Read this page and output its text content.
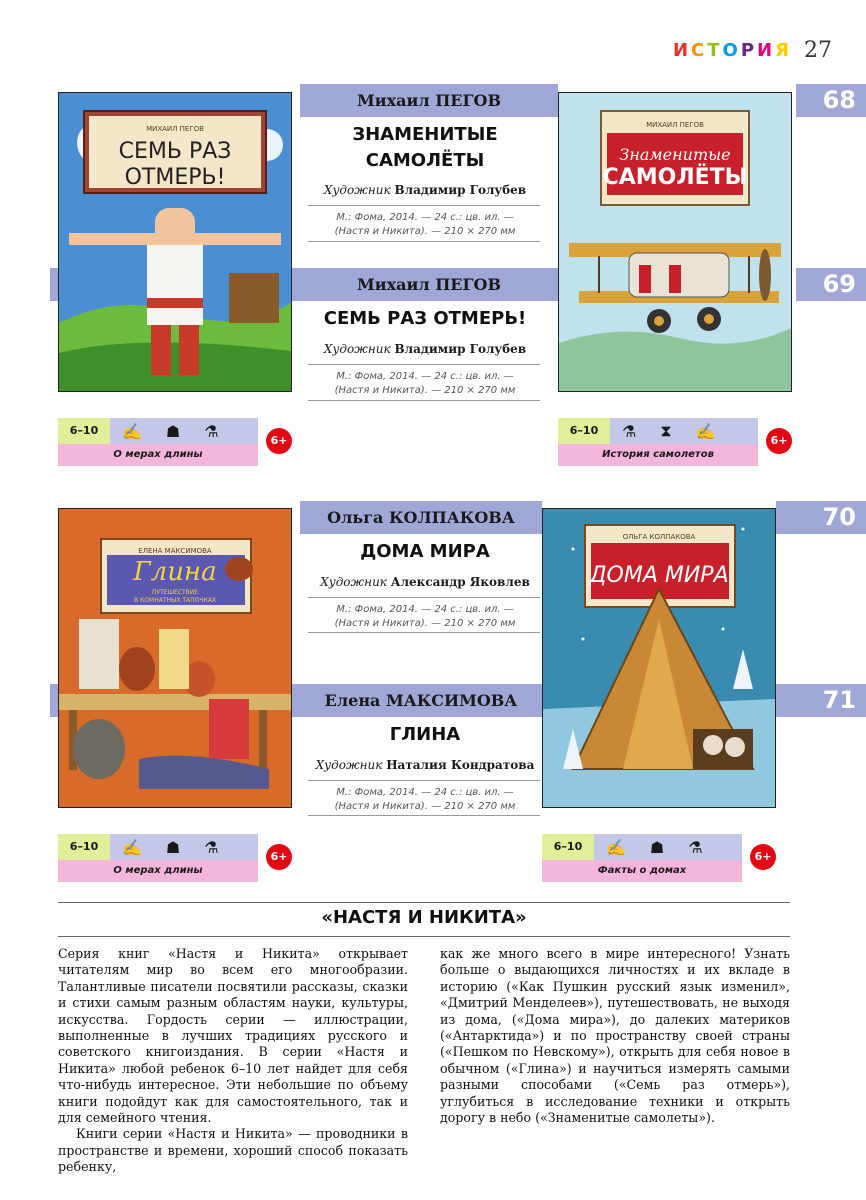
ИСТОРИЯ 27
Михаил ПЕГОВ	68
ЗНАМЕНИТЫЕ
САМОЛЁТЫ
Художник Владимир Голубев
М.: Фома, 2014. — 24 с.: цв. ил. —
(Настя и Никита). — 210 × 270 мм
Михаил ПЕГОВ	69
СЕМЬ РАЗ ОТМЕРЬ!
Художник Владимир Голубев
М.: Фома, 2014. — 24 с.: цв. ил. —
(Настя и Никита). — 210 × 270 мм
МИХАИЛ ПЕГОВ
СЕМЬ РАЗ
ОТМЕРЬ!
МИХАИЛ ПЕГОВ
Знаменитые
САМОЛЁТЫ
6–10	✍ ☗ ⚗
О мерах длины
6+
6–10	⚗ ⧗ ✍
История самолетов
6+
Ольга КОЛПАКОВА	70
ДОМА МИРА
Художник Александр Яковлев
М.: Фома, 2014. — 24 с.: цв. ил. —
(Настя и Никита). — 210 × 270 мм
Елена МАКСИМОВА	71
ГЛИНА
Художник Наталия Кондратова
М.: Фома, 2014. — 24 с.: цв. ил. —
(Настя и Никита). — 210 × 270 мм
ЕЛЕНА МАКСИМОВА
Глина
ПУТЕШЕСТВИЕ
В КОМНАТНЫХ ТАПОЧКАХ
ОЛЬГА КОЛПАКОВА
ДОМА МИРА
6–10	✍ ☗ ⚗
О мерах длины
6+
6–10	✍ ☗ ⚗
Факты о домах
6+
«НАСТЯ И НИКИТА»

Серия книг «Настя и Никита» открывает читателям мир во всем его многообразии. Талантливые писатели посвятили рассказы, сказки и стихи самым разным областям науки, культуры, искусства. Гордость серии — иллюстрации, выполненные в лучших традициях русского и советского книгоиздания. В серии «Настя и Никита» любой ребенок 6–10 лет найдет для себя что-нибудь интересное. Эти небольшие по объему книги подойдут как для самостоятельного, так и для семейного чтения.

Книги серии «Настя и Никита» — проводники в пространстве и времени, хороший способ показать ребенку,

как же много всего в мире интересного! Узнать больше о выдающихся личностях и их вкладе в историю («Как Пушкин русский язык изменил», «Дмитрий Менделеев»), путешествовать, не выходя из дома, («Дома мира»), до далеких материков («Антарктида») и по пространству своей страны («Пешком по Невскому»), открыть для себя новое в обычном («Глина») и научиться измерять самыми разными способами («Семь раз отмерь»), углубиться в исследование техники и открыть дорогу в небо («Знаменитые самолеты»).
